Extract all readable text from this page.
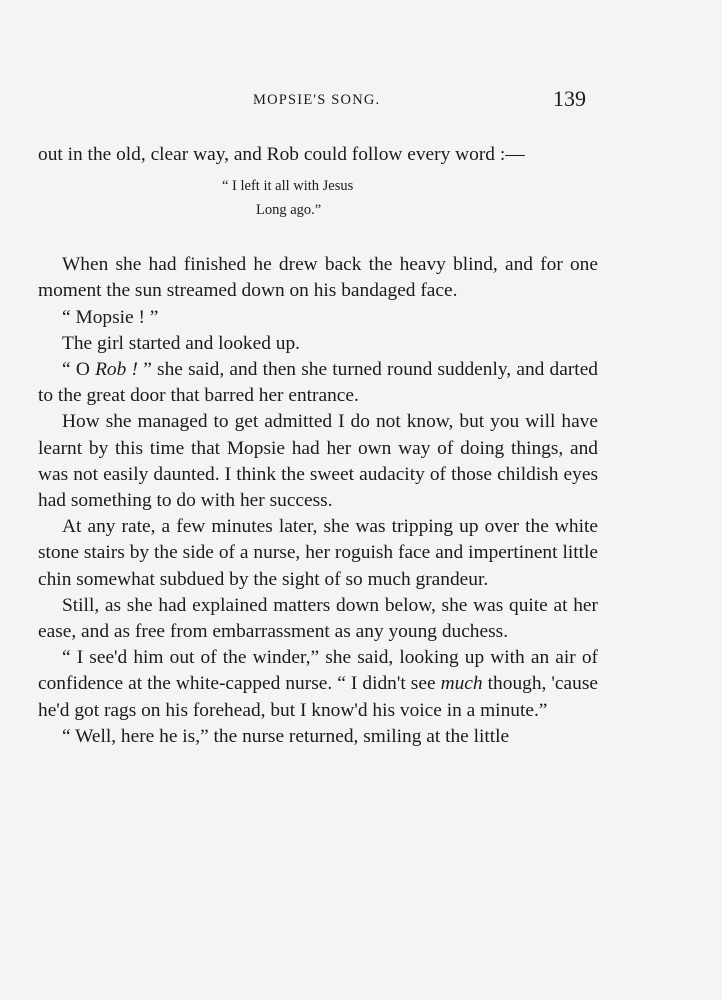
MOPSIE'S SONG.	139

out in the old, clear way, and Rob could follow every word :—

“ I left it all with Jesus
Long ago.”

When she had finished he drew back the heavy blind, and for one moment the sun streamed down on his bandaged face.

“ Mopsie ! ”

The girl started and looked up.

“ O Rob ! ” she said, and then she turned round suddenly, and darted to the great door that barred her entrance.

How she managed to get admitted I do not know, but you will have learnt by this time that Mopsie had her own way of doing things, and was not easily daunted. I think the sweet audacity of those childish eyes had something to do with her success.

At any rate, a few minutes later, she was tripping up over the white stone stairs by the side of a nurse, her roguish face and impertinent little chin somewhat subdued by the sight of so much grandeur.

Still, as she had explained matters down below, she was quite at her ease, and as free from embarrassment as any young duchess.

“ I see'd him out of the winder,” she said, looking up with an air of confidence at the white-capped nurse. “ I didn't see much though, 'cause he'd got rags on his forehead, but I know'd his voice in a minute.”

“ Well, here he is,” the nurse returned, smiling at the little
